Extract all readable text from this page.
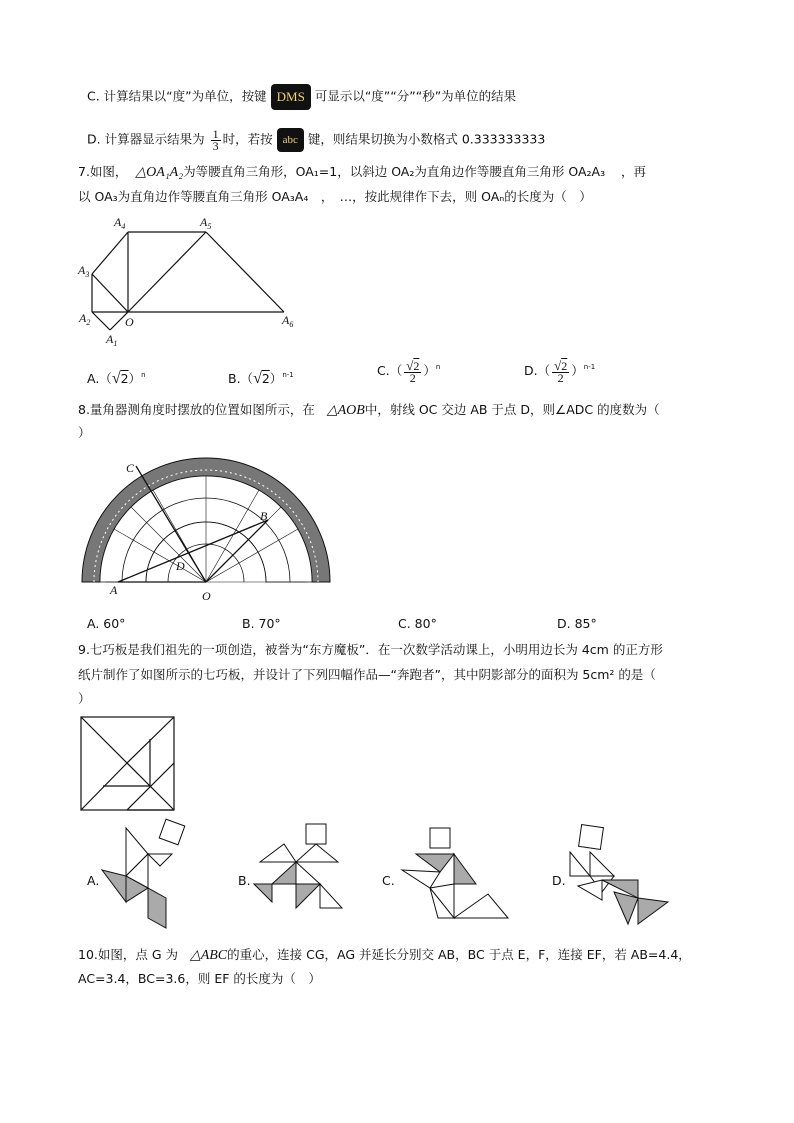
C. 计算结果以“度”为单位，按键 DMS 可显示以“度”“分”“秒”为单位的结果
D. 计算器显示结果为 $\frac{1}{3}$ 时，若按 abc 键，则结果切换为小数格式 0.333333333
7.如图， △OA₁A₂为等腰直角三角形，OA₁=1，以斜边 OA₂为直角边作等腰直角三角形 OA₂A₃ ，再
以 OA₃为直角边作等腰直角三角形 OA₃A₄　，　…，按此规律作下去，则 OAₙ的长度为（　）
$A_1$
$A_2$
$A_3$
$A_4$	$A_5$
$A_6$
O
$A.(√2)^n$	$B.(√2)^{n-1}$	$C.( \frac{√2}{2} )^n$	$D.( \frac{√2}{2} )^{n-1}$
8.量角器测角度时摆放的位置如图所示，在 △AOB中，射线 OC 交边 AB 于点 D，则∠ADC 的度数为（
）
C
B
D
A	O
A. 60°	B. 70°	C. 80°	D. 85°
9.七巧板是我们祖先的一项创造，被誉为“东方魔板”．在一次数学活动课上，小明用边长为 4cm 的正方形
纸片制作了如图所示的七巧板，并设计了下列四幅作品—“奔跑者”，其中阴影部分的面积为 5cm² 的是（
）
A.	B.	C.	D.
10.如图，点 G 为 △ABC的重心，连接 CG，AG 并延长分别交 AB，BC 于点 E，F，连接 EF，若 AB=4.4，
AC=3.4，BC=3.6，则 EF 的长度为（　）
